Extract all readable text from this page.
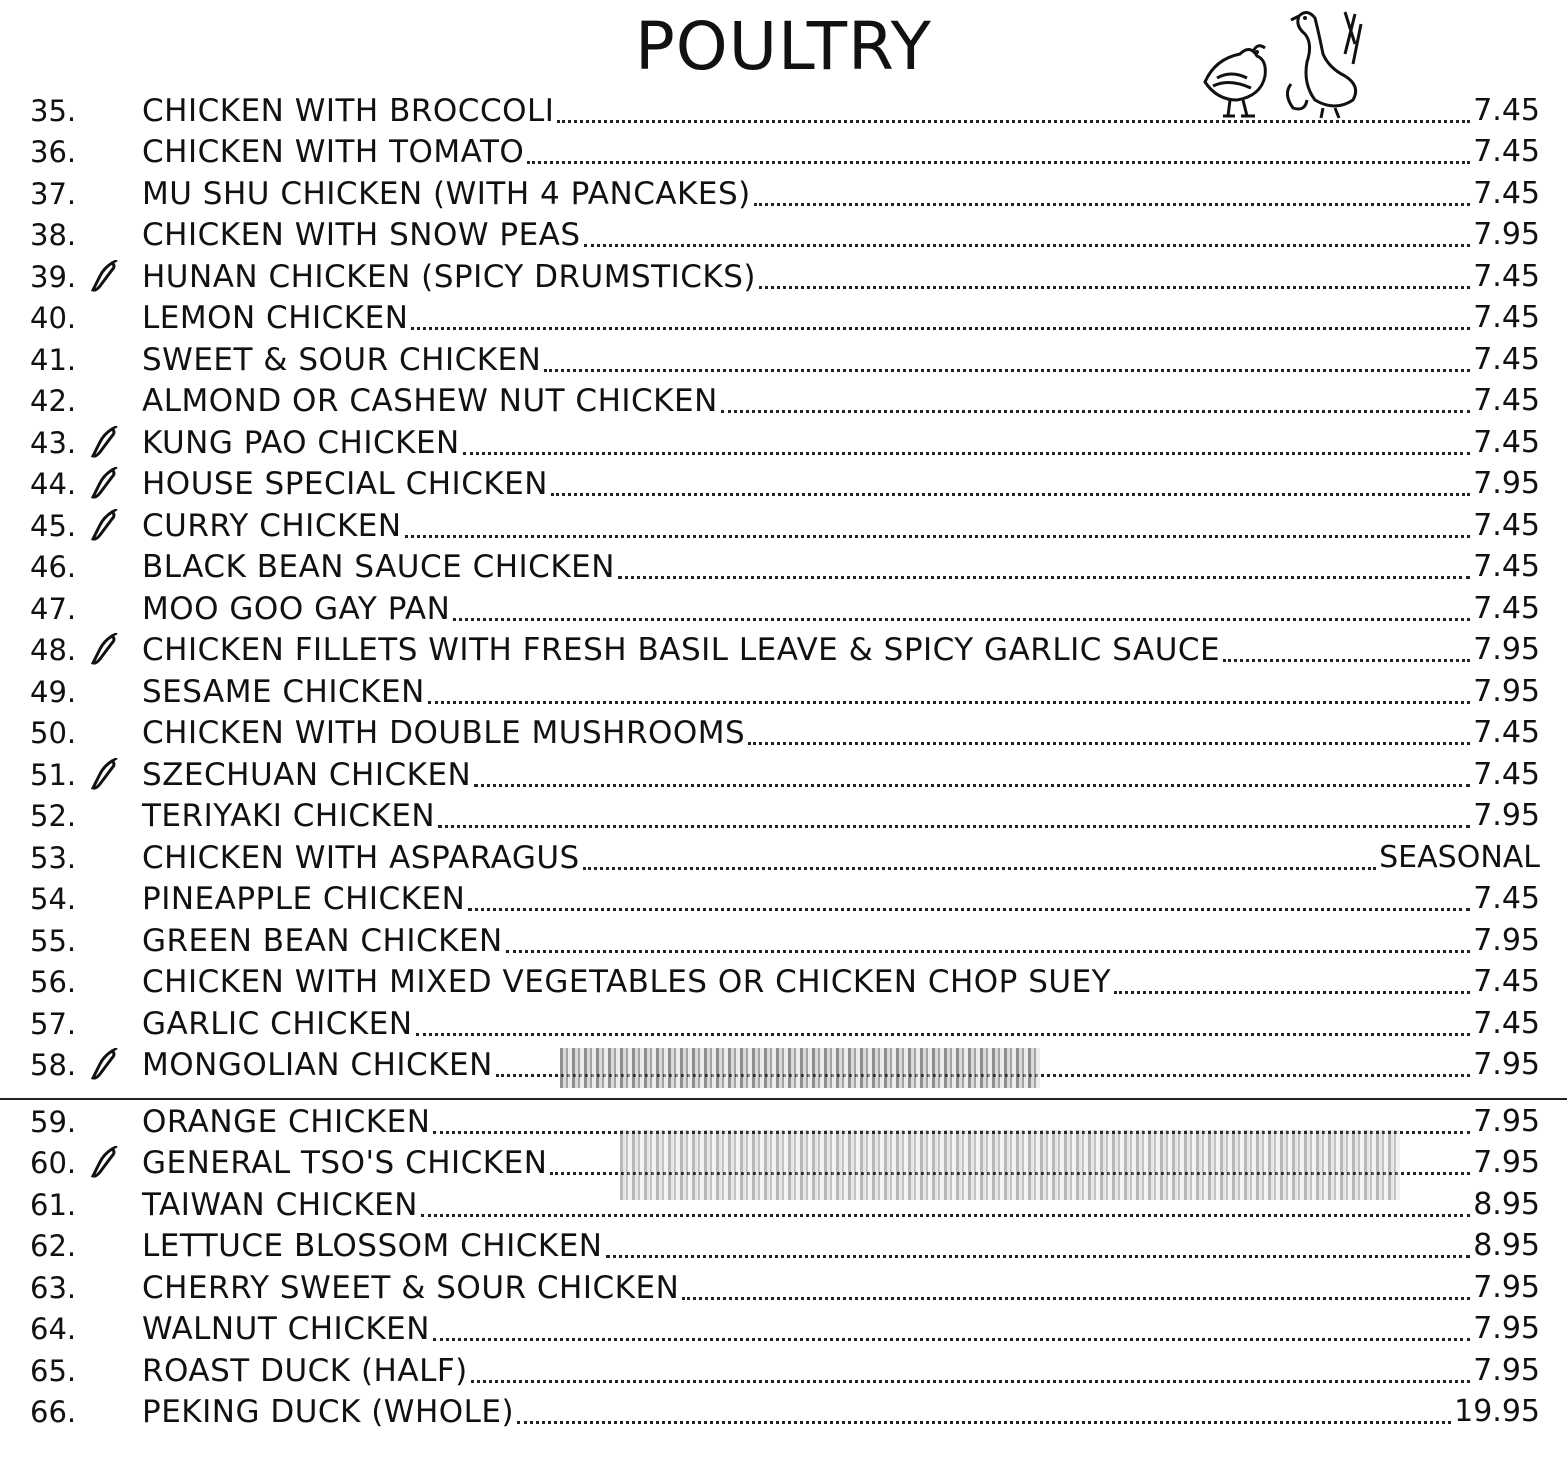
POULTRY
35.	CHICKEN WITH BROCCOLI	7.45
36.	CHICKEN WITH TOMATO	7.45
37.	MU SHU CHICKEN (WITH 4 PANCAKES)	7.45
38.	CHICKEN WITH SNOW PEAS	7.95
39.	HUNAN CHICKEN (SPICY DRUMSTICKS)	7.45
40.	LEMON CHICKEN	7.45
41.	SWEET & SOUR CHICKEN	7.45
42.	ALMOND OR CASHEW NUT CHICKEN	7.45
43.	KUNG PAO CHICKEN	7.45
44.	HOUSE SPECIAL CHICKEN	7.95
45.	CURRY CHICKEN	7.45
46.	BLACK BEAN SAUCE CHICKEN	7.45
47.	MOO GOO GAY PAN	7.45
48.	CHICKEN FILLETS WITH FRESH BASIL LEAVE & SPICY GARLIC SAUCE	7.95
49.	SESAME CHICKEN	7.95
50.	CHICKEN WITH DOUBLE MUSHROOMS	7.45
51.	SZECHUAN CHICKEN	7.45
52.	TERIYAKI CHICKEN	7.95
53.	CHICKEN WITH ASPARAGUS	SEASONAL
54.	PINEAPPLE CHICKEN	7.45
55.	GREEN BEAN CHICKEN	7.95
56.	CHICKEN WITH MIXED VEGETABLES OR CHICKEN CHOP SUEY	7.45
57.	GARLIC CHICKEN	7.45
58.	MONGOLIAN CHICKEN	7.95
59.	ORANGE CHICKEN	7.95
60.	GENERAL TSO'S CHICKEN	7.95
61.	TAIWAN CHICKEN	8.95
62.	LETTUCE BLOSSOM CHICKEN	8.95
63.	CHERRY SWEET & SOUR CHICKEN	7.95
64.	WALNUT CHICKEN	7.95
65.	ROAST DUCK (HALF)	7.95
66.	PEKING DUCK (WHOLE)	19.95
